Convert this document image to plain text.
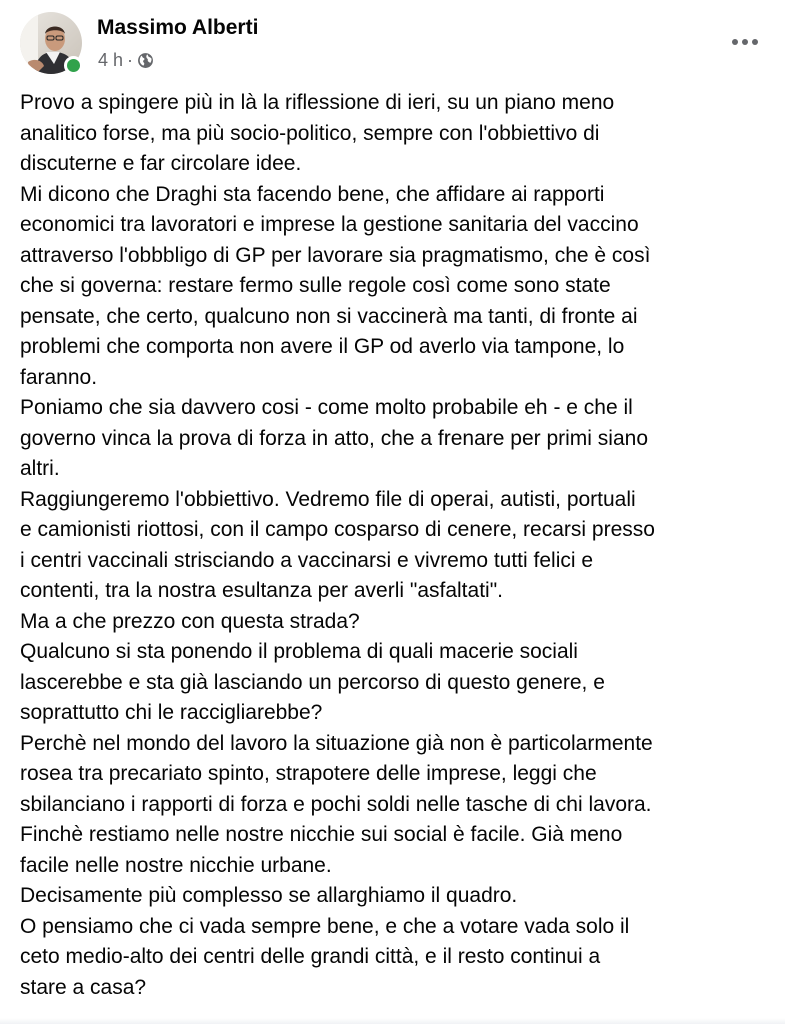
Massimo Alberti
4 h ·
Provo a spingere più in là la riflessione di ieri, su un piano meno
analitico forse, ma più socio-politico, sempre con l'obbiettivo di
discuterne e far circolare idee.
Mi dicono che Draghi sta facendo bene, che affidare ai rapporti
economici tra lavoratori e imprese la gestione sanitaria del vaccino
attraverso l'obbbligo di GP per lavorare sia pragmatismo, che è così
che si governa: restare fermo sulle regole così come sono state
pensate, che certo, qualcuno non si vaccinerà ma tanti, di fronte ai
problemi che comporta non avere il GP od averlo via tampone, lo
faranno.
Poniamo che sia davvero cosi - come molto probabile eh - e che il
governo vinca la prova di forza in atto, che a frenare per primi siano
altri.
Raggiungeremo l'obbiettivo. Vedremo file di operai, autisti, portuali
e camionisti riottosi, con il campo cosparso di cenere, recarsi presso
i centri vaccinali strisciando a vaccinarsi e vivremo tutti felici e
contenti, tra la nostra esultanza per averli "asfaltati".
Ma a che prezzo con questa strada?
Qualcuno si sta ponendo il problema di quali macerie sociali
lascerebbe e sta già lasciando un percorso di questo genere, e
soprattutto chi le raccigliarebbe?
Perchè nel mondo del lavoro la situazione già non è particolarmente
rosea tra precariato spinto, strapotere delle imprese, leggi che
sbilanciano i rapporti di forza e pochi soldi nelle tasche di chi lavora.
Finchè restiamo nelle nostre nicchie sui social è facile. Già meno
facile nelle nostre nicchie urbane.
Decisamente più complesso se allarghiamo il quadro.
O pensiamo che ci vada sempre bene, e che a votare vada solo il
ceto medio-alto dei centri delle grandi città, e il resto continui a
stare a casa?
